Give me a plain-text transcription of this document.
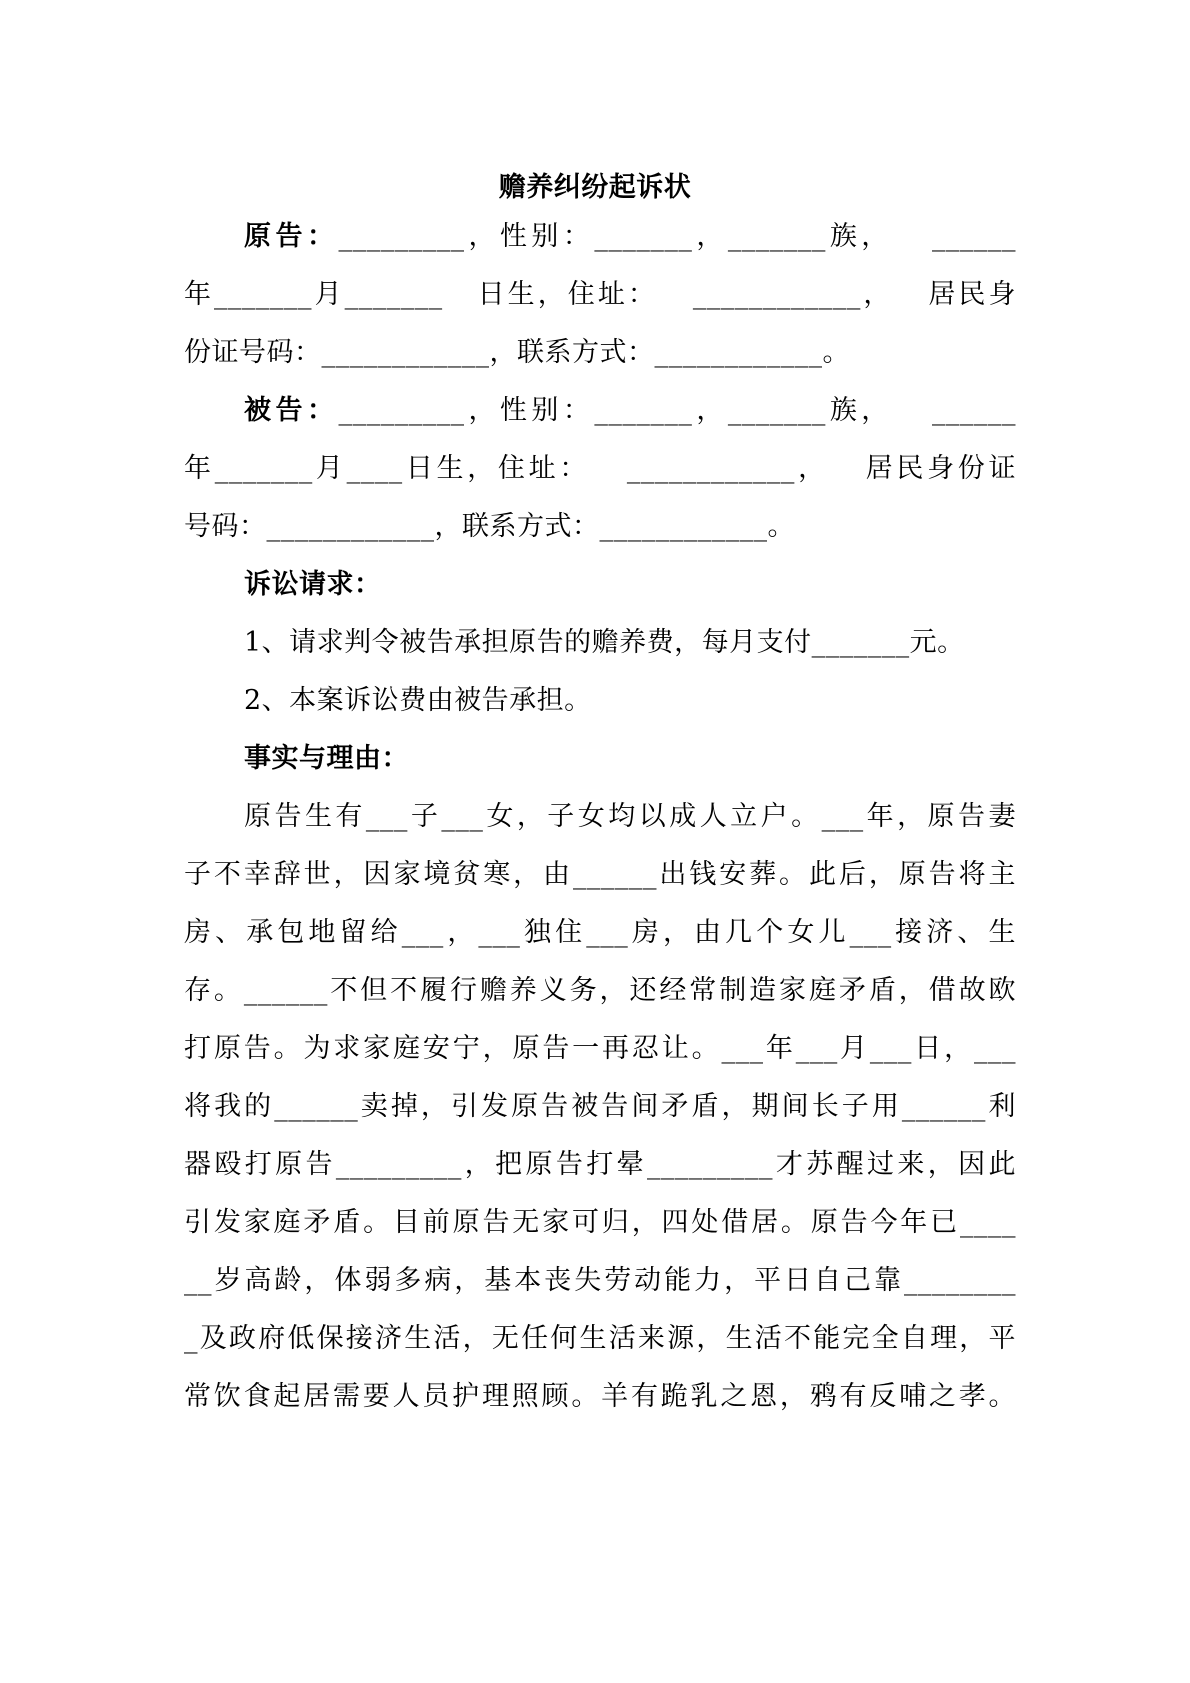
赡养纠纷起诉状
原告：_________，性别：_______，_______族，   ______
年_______月_______   日生，住址：   ____________，   居民身
份证号码：____________，联系方式：____________。
被告：_________，性别：_______，_______族，   ______
年_______月____日生，住址：   ____________，   居民身份证
号码：____________，联系方式：____________。
诉讼请求：
1、请求判令被告承担原告的赡养费，每月支付_______元。
2、本案诉讼费由被告承担。
事实与理由：
原告生有___子___女，子女均以成人立户。___年，原告妻
子不幸辞世，因家境贫寒，由______出钱安葬。此后，原告将主
房、承包地留给___，___独住___房，由几个女儿___接济、生
存。______不但不履行赡养义务，还经常制造家庭矛盾，借故欧
打原告。为求家庭安宁，原告一再忍让。___年___月___日，___
将我的______卖掉，引发原告被告间矛盾，期间长子用______利
器殴打原告_________，把原告打晕_________才苏醒过来，因此
引发家庭矛盾。目前原告无家可归，四处借居。原告今年已____
__岁高龄，体弱多病，基本丧失劳动能力，平日自己靠________
_及政府低保接济生活，无任何生活来源，生活不能完全自理，平
常饮食起居需要人员护理照顾。羊有跪乳之恩，鸦有反哺之孝。
